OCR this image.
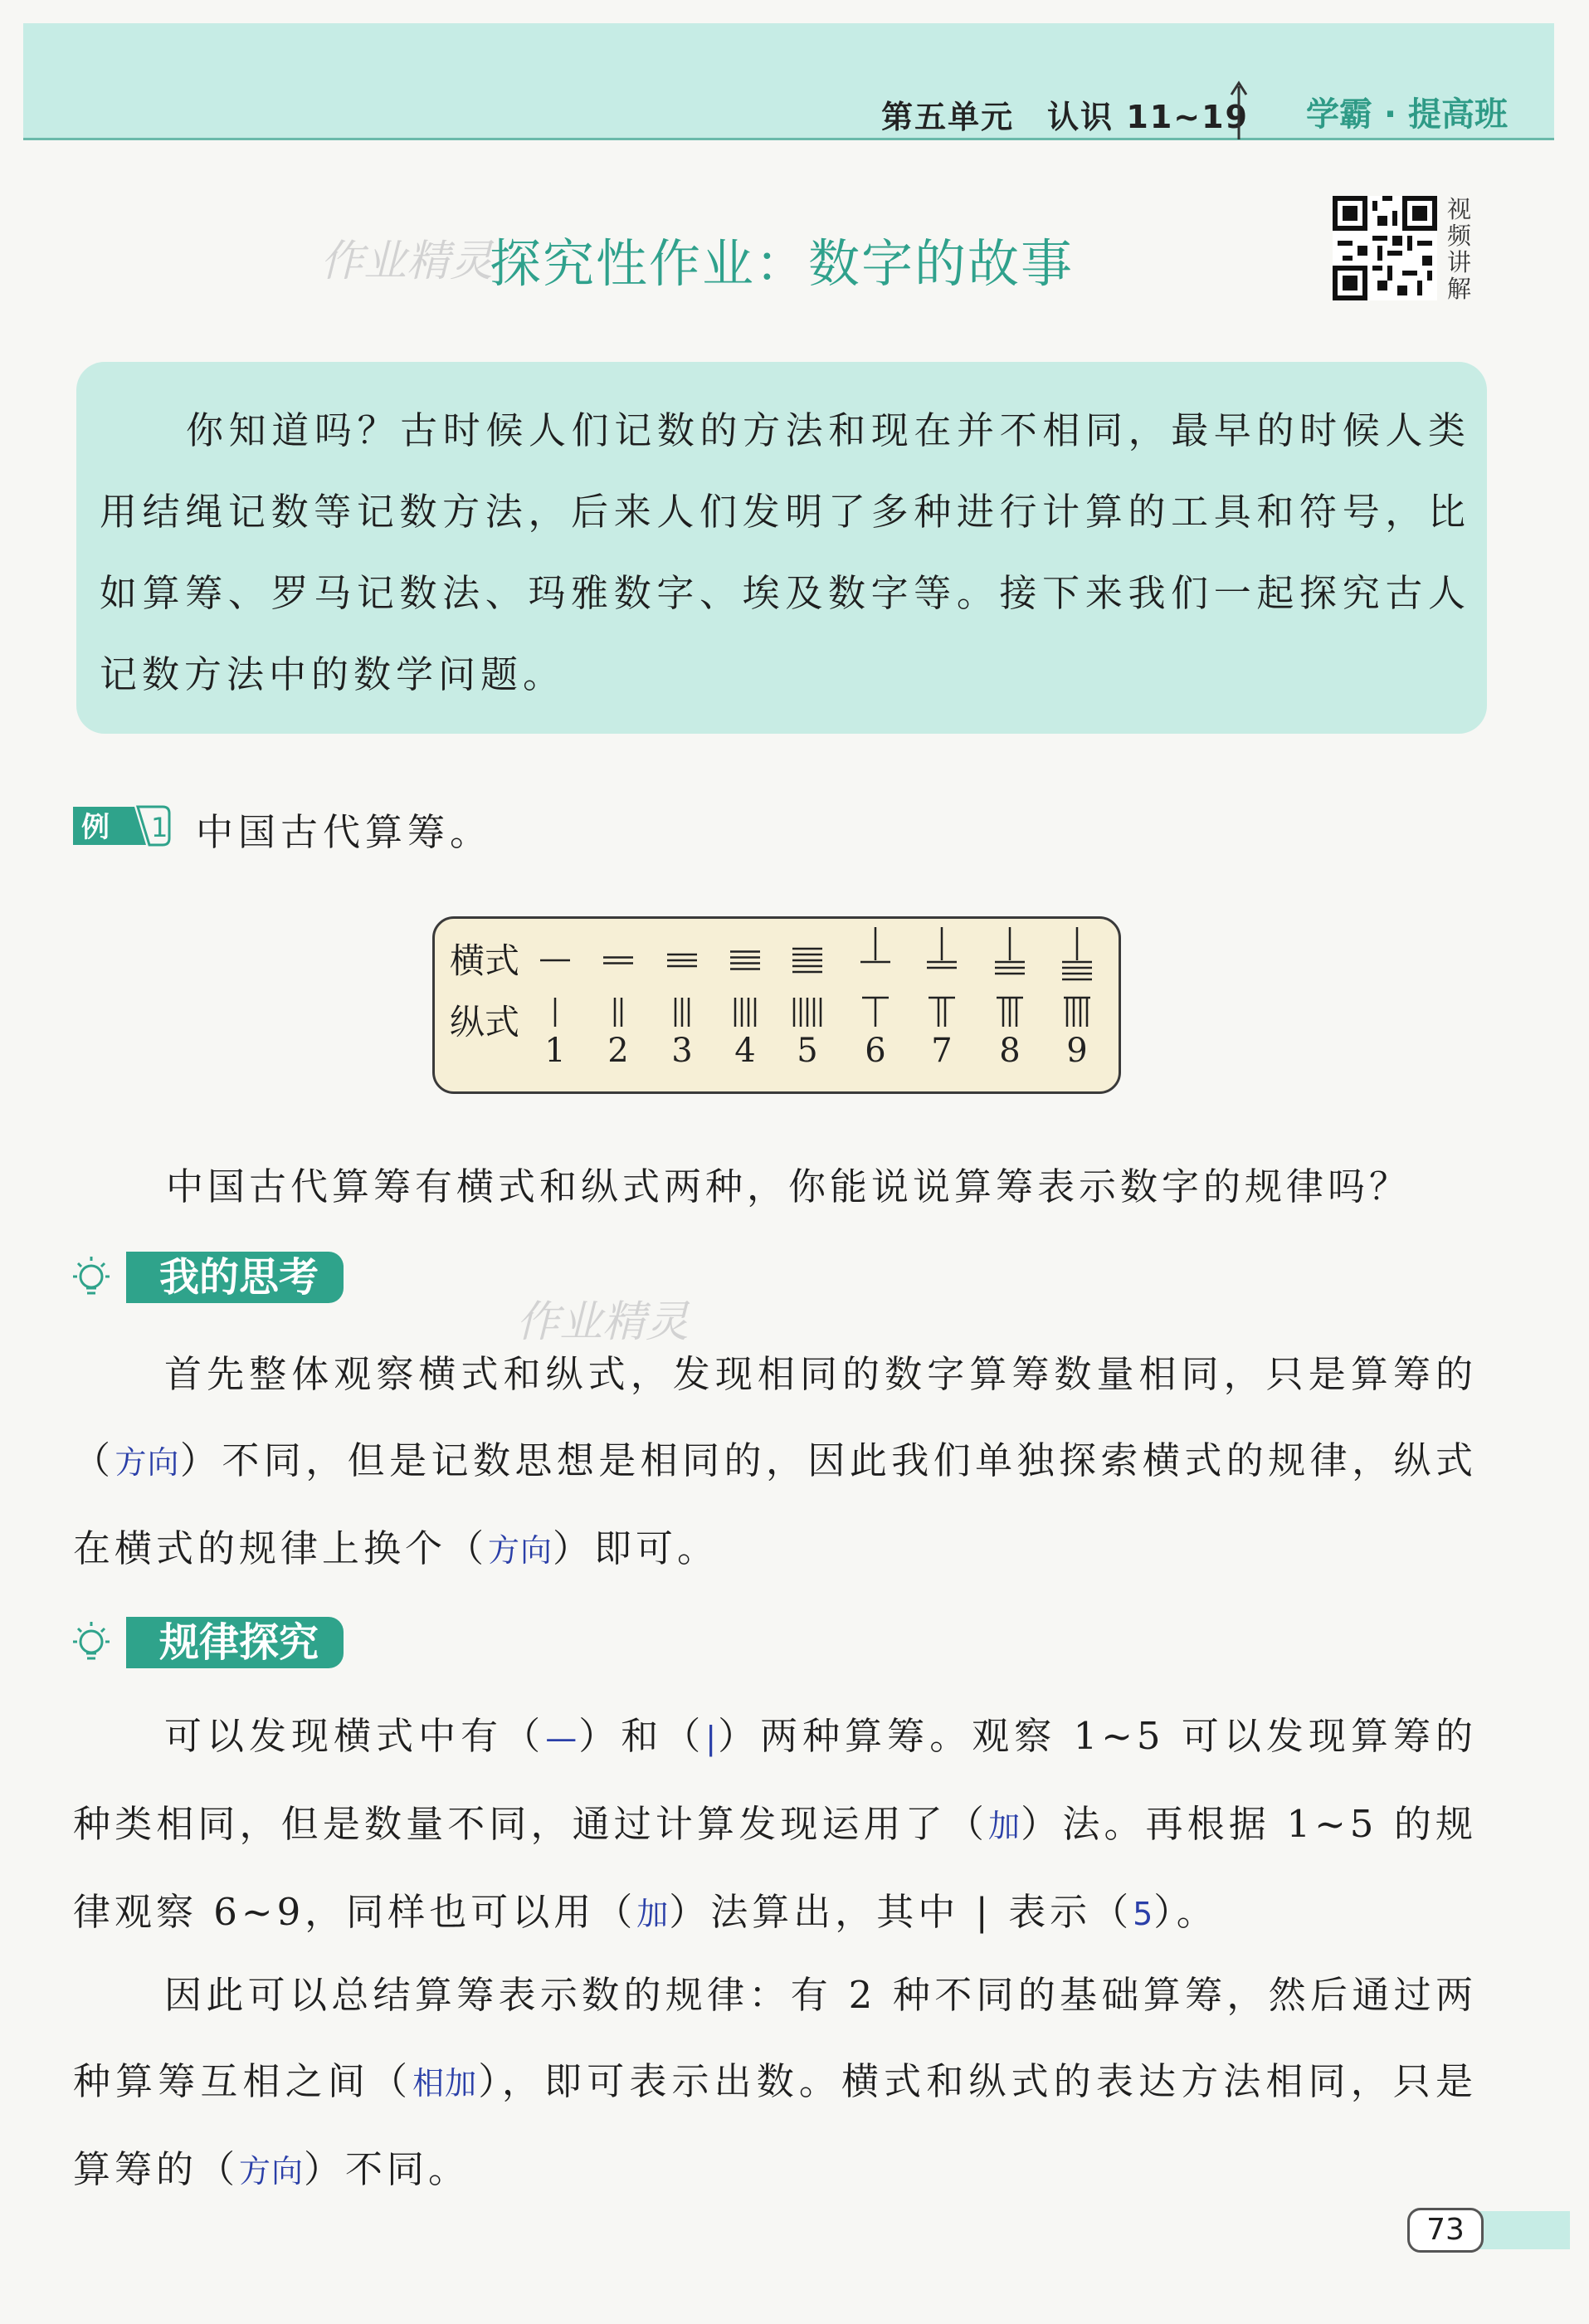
第五单元　认识 11~19 学霸 · 提高班
作业精灵
探究性作业：数字的故事
视频讲解
你知道吗？古时候人们记数的方法和现在并不相同，最早的时候人类用结绳记数等记数方法，后来人们发明了多种进行计算的工具和符号，比如算筹、罗马记数法、玛雅数字、埃及数字等。接下来我们一起探究古人记数方法中的数学问题。
例 1 中国古代算筹。
横式
纵式
1 2 3 4 5 6 7 8 9
中国古代算筹有横式和纵式两种，你能说说算筹表示数字的规律吗？
我的思考
作业精灵
首先整体观察横式和纵式，发现相同的数字算筹数量相同，只是算筹的（方向）不同，但是记数思想是相同的，因此我们单独探索横式的规律，纵式在横式的规律上换个（方向）即可。
规律探究
可以发现横式中有（—）和（|）两种算筹。观察 1~5 可以发现算筹的种类相同，但是数量不同，通过计算发现运用了（加）法。再根据 1~5 的规律观察 6~9，同样也可以用（加）法算出，其中 | 表示（5）。
因此可以总结算筹表示数的规律：有 2 种不同的基础算筹，然后通过两种算筹互相之间（相加），即可表示出数。横式和纵式的表达方法相同，只是算筹的（方向）不同。
73
